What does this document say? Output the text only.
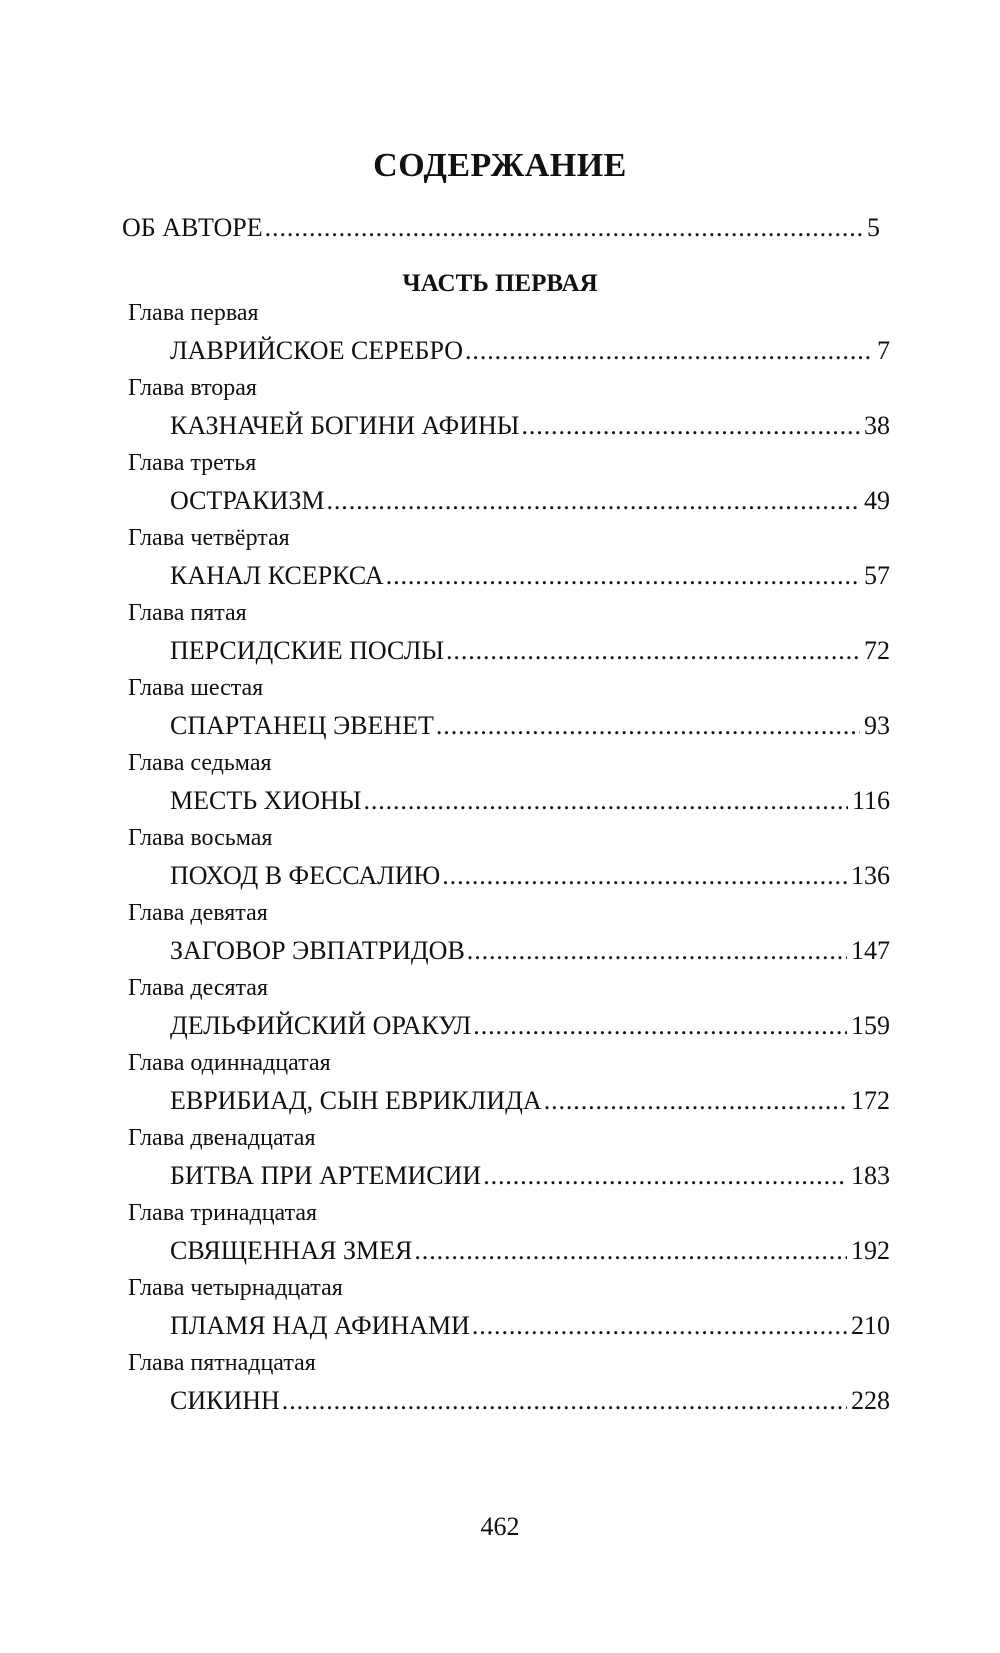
СОДЕРЖАНИЕ
ОБ АВТОРЕ .....	5
ЧАСТЬ ПЕРВАЯ
Глава первая
ЛАВРИЙСКОЕ СЕРЕБРО .....	7
Глава вторая
КАЗНАЧЕЙ БОГИНИ АФИНЫ .....	38
Глава третья
ОСТРАКИЗМ .....	49
Глава четвёртая
КАНАЛ КСЕРКСА .....	57
Глава пятая
ПЕРСИДСКИЕ ПОСЛЫ .....	72
Глава шестая
СПАРТАНЕЦ ЭВЕНЕТ .....	93
Глава седьмая
МЕСТЬ ХИОНЫ .....	116
Глава восьмая
ПОХОД В ФЕССАЛИЮ .....	136
Глава девятая
ЗАГОВОР ЭВПАТРИДОВ .....	147
Глава десятая
ДЕЛЬФИЙСКИЙ ОРАКУЛ .....	159
Глава одиннадцатая
ЕВРИБИАД, СЫН ЕВРИКЛИДА .....	172
Глава двенадцатая
БИТВА ПРИ АРТЕМИСИИ .....	183
Глава тринадцатая
СВЯЩЕННАЯ ЗМЕЯ .....	192
Глава четырнадцатая
ПЛАМЯ НАД АФИНАМИ .....	210
Глава пятнадцатая
СИКИНН .....	228
462
